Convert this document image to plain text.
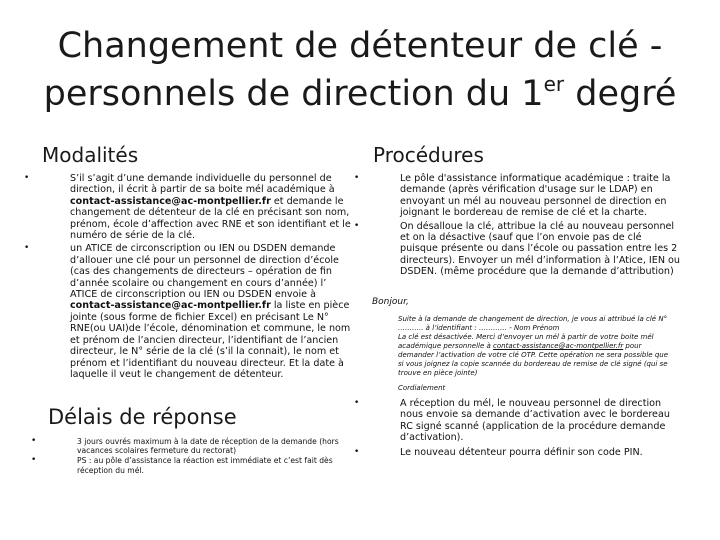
Changement de détenteur de clé -
personnels de direction du 1er degré
Modalités	Procédures
•	S’il s’agit d’une demande individuelle du personnel de direction, il écrit à partir de sa boite mél académique à contact-assistance@ac-montpellier.fr et demande le changement de détenteur de la clé en précisant son nom, prénom, école d’affection avec RNE et son identifiant et le numéro de série de la clé.
•	un ATICE de circonscription ou IEN ou DSDEN demande d’allouer une clé pour un personnel de direction d’école (cas des changements de directeurs – opération de fin d’année scolaire ou changement en cours d’année) l’ ATICE de circonscription ou IEN ou DSDEN envoie à contact-assistance@ac-montpellier.fr la liste en pièce jointe (sous forme de fichier Excel) en précisant Le N° RNE(ou UAI)de l’école, dénomination et commune, le nom et prénom de l’ancien directeur, l’identifiant de l’ancien directeur, le N° série de la clé (s’il la connait), le nom et prénom et l’identifiant du nouveau directeur. Et la date à laquelle il veut le changement de détenteur.
Délais de réponse
•	3 jours ouvrés maximum à la date de réception de la demande (hors vacances scolaires fermeture du rectorat)
•	PS : au pôle d’assistance la réaction est immédiate et c’est fait dès réception du mél.
•	Le pôle d'assistance informatique académique : traite la demande (après vérification d'usage sur le LDAP) en envoyant un mél au nouveau personnel de direction en joignant le bordereau de remise de clé et la charte.
•	On désalloue la clé, attribue la clé au nouveau personnel et on la désactive (sauf que l’on envoie pas de clé puisque présente ou dans l’école ou passation entre les 2 directeurs). Envoyer un mél d’information à l’Atice, IEN ou DSDEN. (même procédure que la demande d’attribution)
Bonjour,
Suite à la demande de changement de direction, je vous ai attribué la clé N°
……….. à l’identifiant : ………… - Nom Prénom
La clé est désactivée. Merci d’envoyer un mél à partir de votre boite mél
académique personnelle à contact-assistance@ac-montpellier.fr pour
demander l’activation de votre clé OTP. Cette opération ne sera possible que
si vous joignez la copie scannée du bordereau de remise de clé signé (qui se
trouve en pièce jointe)
Cordialement
•	A réception du mél, le nouveau personnel de direction nous envoie sa demande d’activation avec le bordereau RC signé scanné (application de la procédure demande d’activation).
•	Le nouveau détenteur pourra définir son code PIN.
